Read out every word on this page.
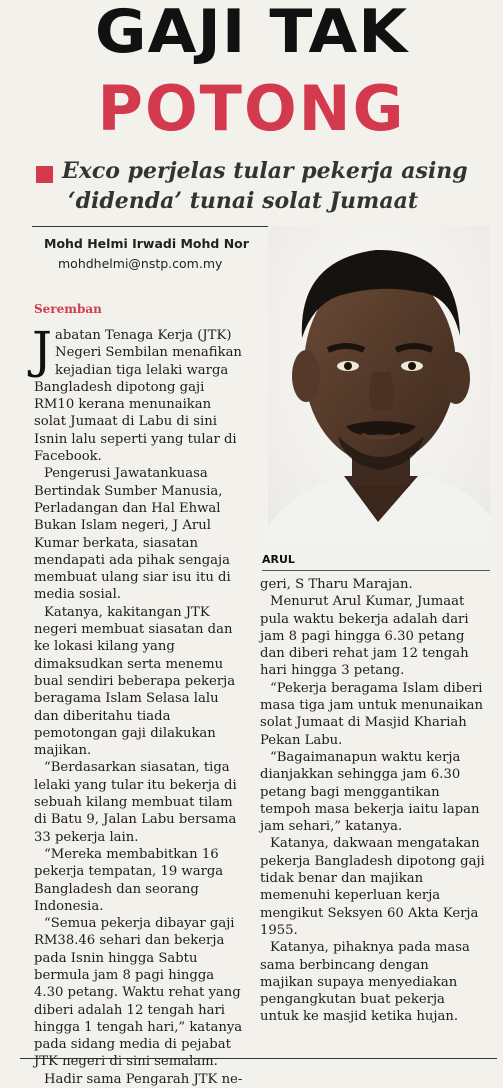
GAJI TAK
POTONG
Exco perjelas tular pekerja asing
‘didenda’ tunai solat Jumaat
Mohd Helmi Irwadi Mohd Nor
mohdhelmi@nstp.com.my
Seremban
ARUL

Jabatan Tenaga Kerja (JTK) Negeri Sembilan menafikan kejadian tiga lelaki warga Bangladesh dipotong gaji RM10 kerana menunaikan solat Jumaat di Labu di sini Isnin lalu seperti yang tular di Facebook.

Pengerusi Jawatankuasa Bertindak Sumber Manusia, Perladangan dan Hal Ehwal Bukan Islam negeri, J Arul Kumar berkata, siasatan mendapati ada pihak sengaja membuat ulang siar isu itu di media sosial.

Katanya, kakitangan JTK negeri membuat siasatan dan ke lokasi kilang yang dimaksudkan serta menemu bual sendiri beberapa pekerja beragama Islam Selasa lalu dan diberitahu tiada pemotongan gaji dilakukan majikan.

“Berdasarkan siasatan, tiga lelaki yang tular itu bekerja di sebuah kilang membuat tilam di Batu 9, Jalan Labu bersama 33 pekerja lain.

“Mereka membabitkan 16 pekerja tempatan, 19 warga Bangladesh dan seorang Indonesia.

“Semua pekerja dibayar gaji RM38.46 sehari dan bekerja pada Isnin hingga Sabtu bermula jam 8 pagi hingga 4.30 petang. Waktu rehat yang diberi adalah 12 tengah hari hingga 1 tengah hari,” katanya pada sidang media di pejabat JTK negeri di sini semalam.

Hadir sama Pengarah JTK ne-

geri, S Tharu Marajan.

Menurut Arul Kumar, Jumaat pula waktu bekerja adalah dari jam 8 pagi hingga 6.30 petang dan diberi rehat jam 12 tengah hari hingga 3 petang.

“Pekerja beragama Islam diberi masa tiga jam untuk menunaikan solat Jumaat di Masjid Khariah Pekan Labu.

“Bagaimanapun waktu kerja dianjakkan sehingga jam 6.30 petang bagi menggantikan tempoh masa bekerja iaitu lapan jam sehari,” katanya.

Katanya, dakwaan mengatakan pekerja Bangladesh dipotong gaji tidak benar dan majikan memenuhi keperluan kerja mengikut Seksyen 60 Akta Kerja 1955.

Katanya, pihaknya pada masa sama berbincang dengan majikan supaya menyediakan pengangkutan buat pekerja untuk ke masjid ketika hujan.
